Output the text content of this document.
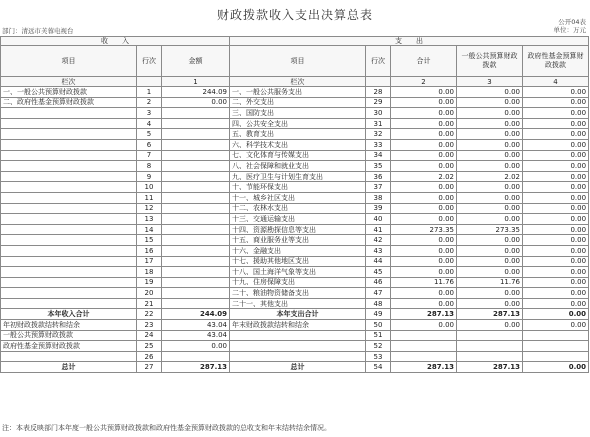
财政拨款收入支出决算总表	公开04表
部门：清远市芙蓉电视台	单位：万元
收　　入			支　　出				
项目	行次	金额	项目	行次	合计	一般公共预算财政拨款	政府性基金预算财政拨款
栏次		1	栏次		2	3	4
一、一般公共预算财政拨款	1	244.09	一、一般公共服务支出	28	0.00	0.00	0.00
二、政府性基金预算财政拨款	2	0.00	二、外交支出	29	0.00	0.00	0.00
	3		三、国防支出	30	0.00	0.00	0.00
	4		四、公共安全支出	31	0.00	0.00	0.00
	5		五、教育支出	32	0.00	0.00	0.00
	6		六、科学技术支出	33	0.00	0.00	0.00
	7		七、文化体育与传媒支出	34	0.00	0.00	0.00
	8		八、社会保障和就业支出	35	0.00	0.00	0.00
	9		九、医疗卫生与计划生育支出	36	2.02	2.02	0.00
	10		十、节能环保支出	37	0.00	0.00	0.00
	11		十一、城乡社区支出	38	0.00	0.00	0.00
	12		十二、农林水支出	39	0.00	0.00	0.00
	13		十三、交通运输支出	40	0.00	0.00	0.00
	14		十四、资源勘探信息等支出	41	273.35	273.35	0.00
	15		十五、商业服务业等支出	42	0.00	0.00	0.00
	16		十六、金融支出	43	0.00	0.00	0.00
	17		十七、援助其他地区支出	44	0.00	0.00	0.00
	18		十八、国土海洋气象等支出	45	0.00	0.00	0.00
	19		十九、住房保障支出	46	11.76	11.76	0.00
	20		二十、粮油物资储备支出	47	0.00	0.00	0.00
	21		二十一、其他支出	48	0.00	0.00	0.00
本年收入合计	22	244.09	本年支出合计	49	287.13	287.13	0.00
年初财政拨款结转和结余	23	43.04	年末财政拨款结转和结余	50	0.00	0.00	0.00
一般公共预算财政拨款	24	43.04		51			
政府性基金预算财政拨款	25	0.00		52			
	26			53			
总计	27	287.13	总计	54	287.13	287.13	0.00
注：本表反映部门本年度一般公共预算财政拨款和政府性基金预算财政拨款的总收支和年末结转结余情况。
